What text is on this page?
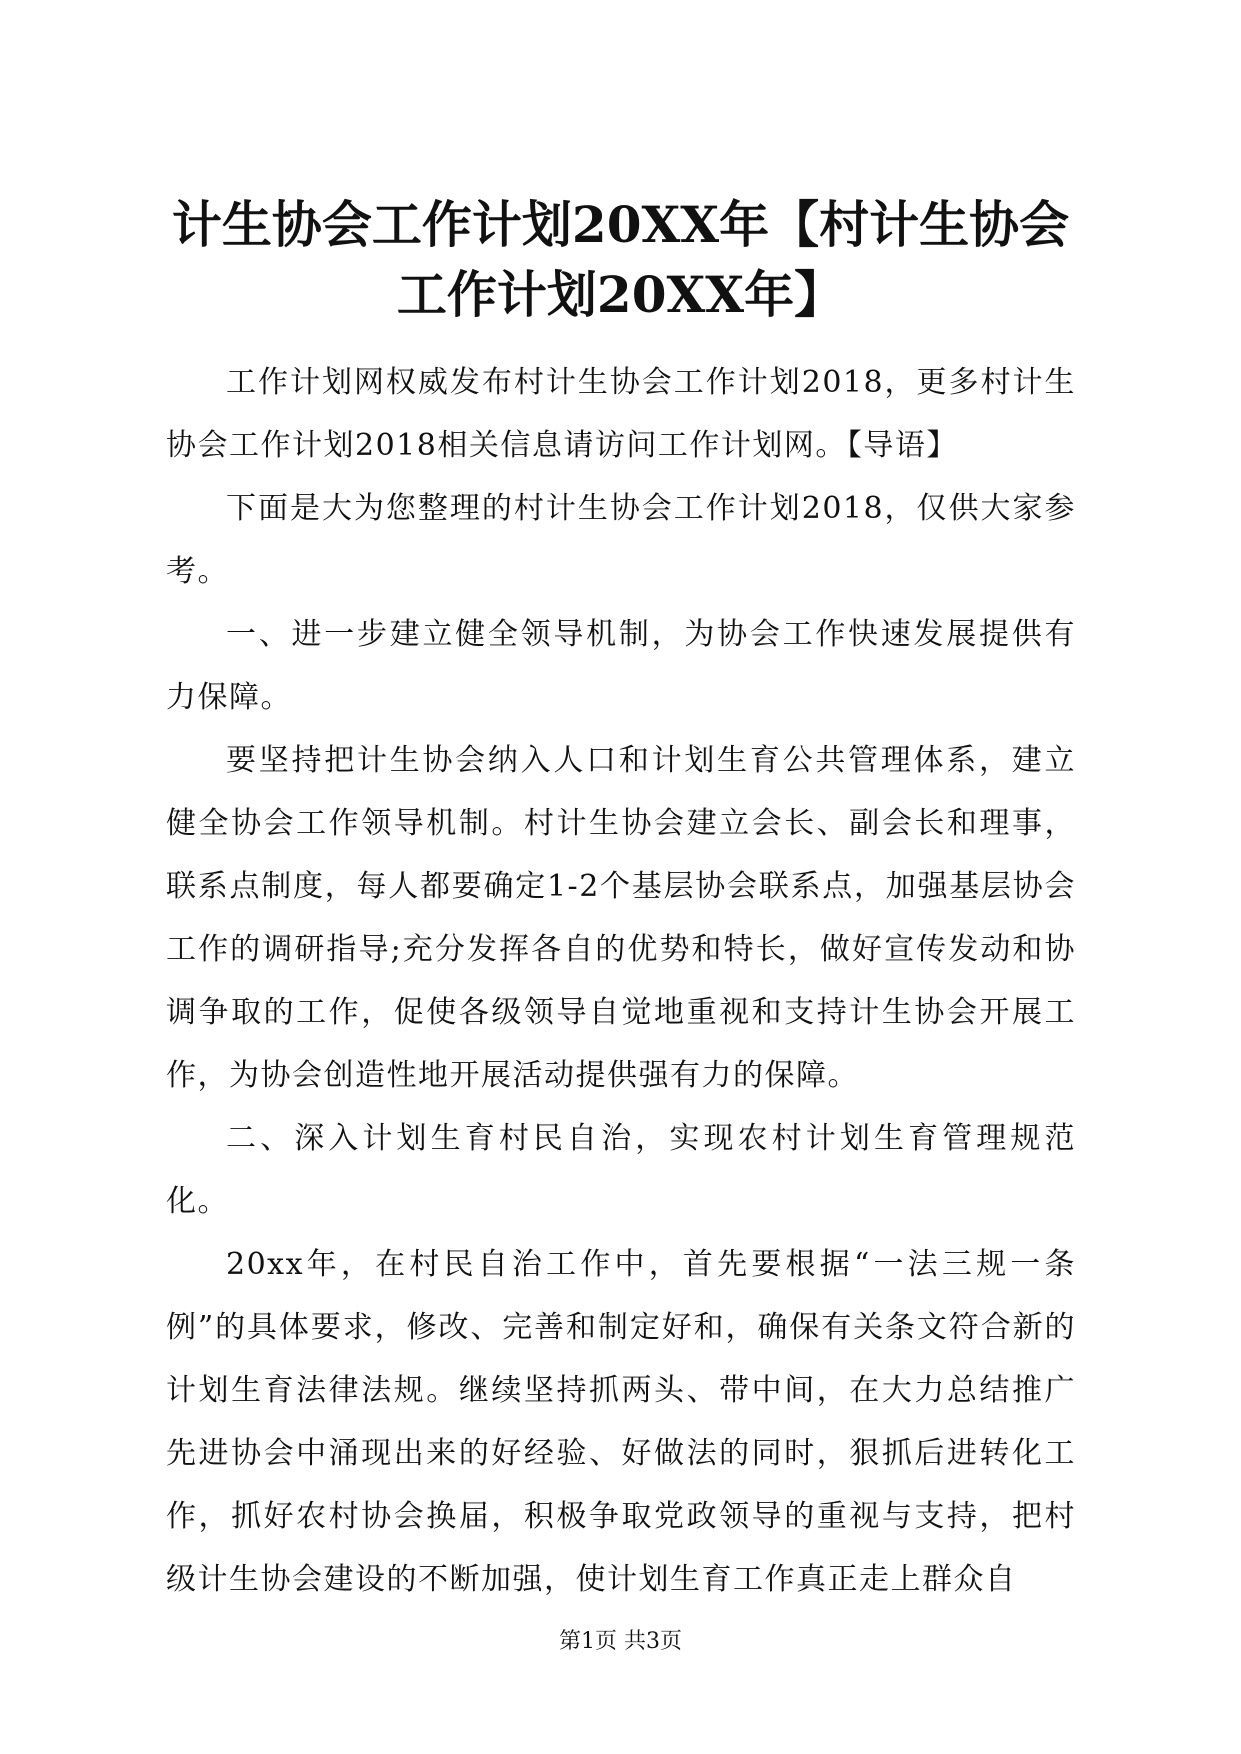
计生协会工作计划20XX年【村计生协会工作计划20XX年】

工作计划网权威发布村计生协会工作计划2018，更多村计生协会工作计划2018相关信息请访问工作计划网。【导语】

下面是大为您整理的村计生协会工作计划2018，仅供大家参考。

一、进一步建立健全领导机制，为协会工作快速发展提供有力保障。

要坚持把计生协会纳入人口和计划生育公共管理体系，建立健全协会工作领导机制。村计生协会建立会长、副会长和理事，联系点制度，每人都要确定1-2个基层协会联系点，加强基层协会工作的调研指导;充分发挥各自的优势和特长，做好宣传发动和协调争取的工作，促使各级领导自觉地重视和支持计生协会开展工作，为协会创造性地开展活动提供强有力的保障。

二、深入计划生育村民自治，实现农村计划生育管理规范化。

20xx年，在村民自治工作中，首先要根据“一法三规一条例”的具体要求，修改、完善和制定好和，确保有关条文符合新的计划生育法律法规。继续坚持抓两头、带中间，在大力总结推广先进协会中涌现出来的好经验、好做法的同时，狠抓后进转化工作，抓好农村协会换届，积极争取党政领导的重视与支持，把村级计生协会建设的不断加强，使计划生育工作真正走上群众自

第1页 共3页
